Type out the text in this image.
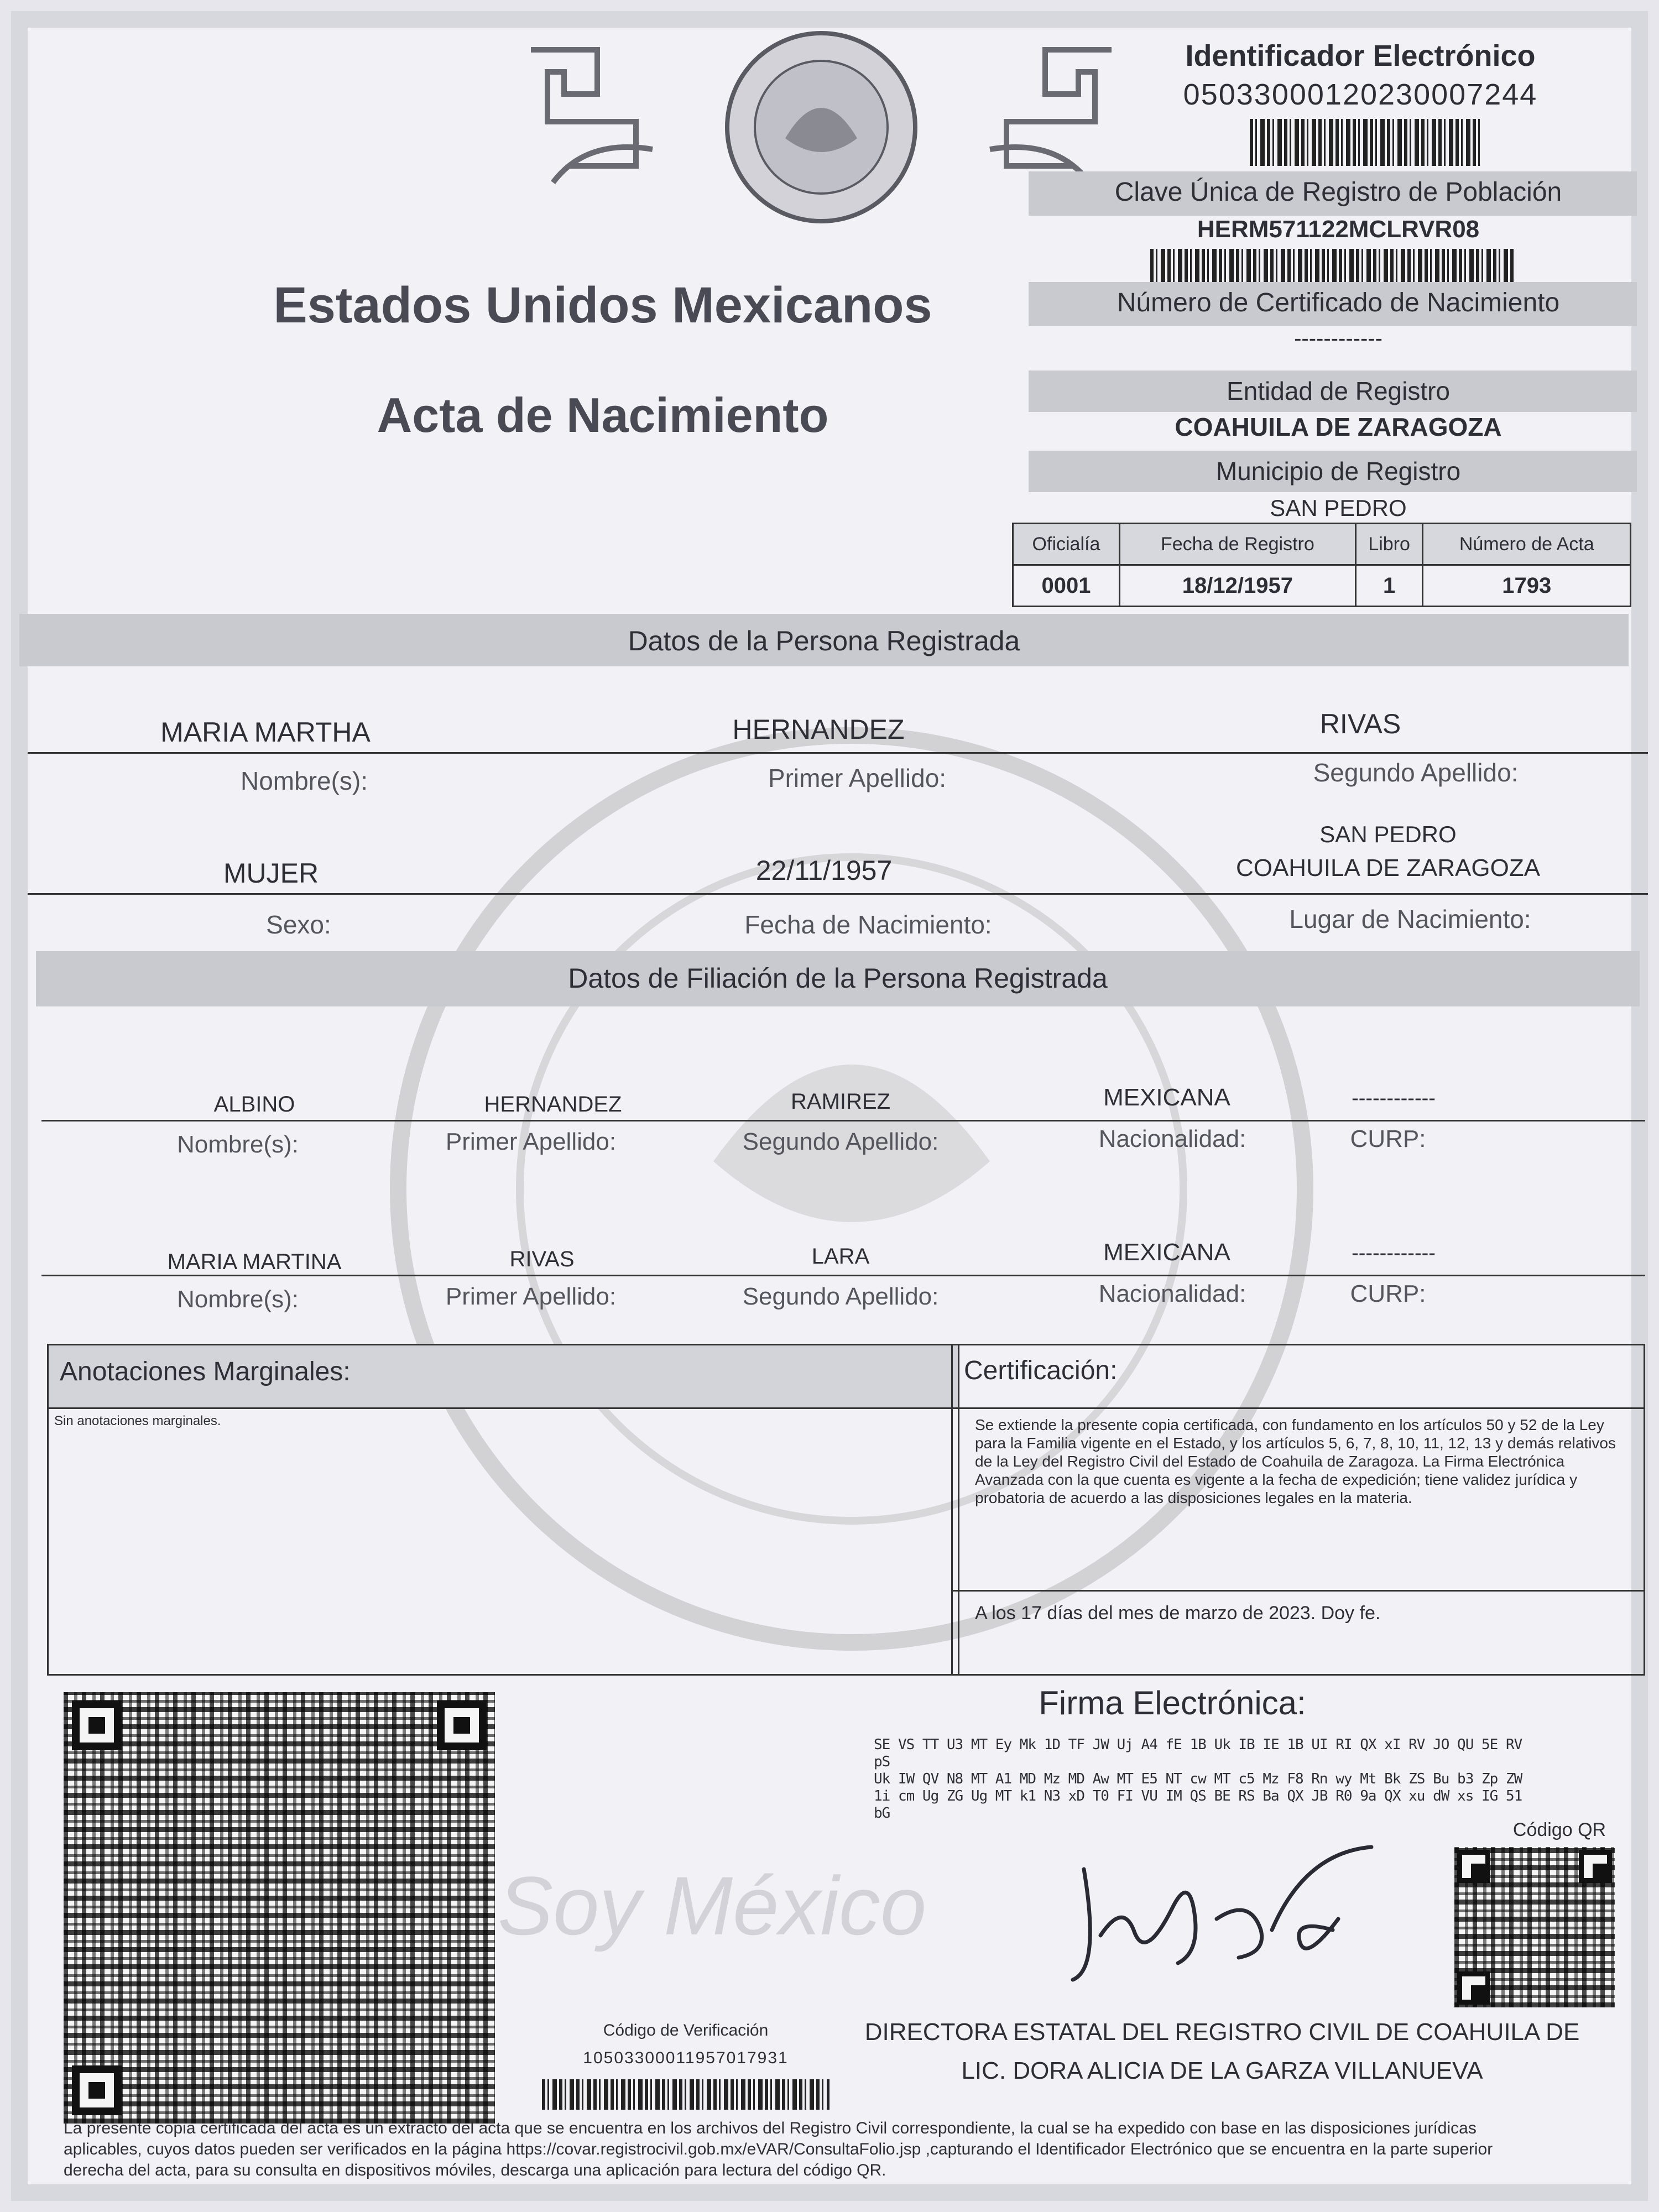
Identificador Electrónico
05033000120230007244
Clave Única de Registro de Población
HERM571122MCLRVR08
Número de Certificado de Nacimiento
------------
Entidad de Registro
COAHUILA DE ZARAGOZA
Municipio de Registro
SAN PEDRO
Estados Unidos Mexicanos
Acta de Nacimiento
Oficialía	Fecha de Registro	Libro	Número de Acta
0001	18/12/1957	1	1793
Datos de la Persona Registrada
MARIA MARTHA	HERNANDEZ	RIVAS
Nombre(s):	Primer Apellido:	Segundo Apellido:
MUJER	22/11/1957
SAN PEDRO
COAHUILA DE ZARAGOZA
Sexo:	Fecha de Nacimiento:	Lugar de Nacimiento:
Datos de Filiación de la Persona Registrada
ALBINO	HERNANDEZ	RAMIREZ	MEXICANA	------------
Nombre(s):	Primer Apellido:	Segundo Apellido:	Nacionalidad:	CURP:
MARIA MARTINA	RIVAS	LARA	MEXICANA	------------
Nombre(s):	Primer Apellido:	Segundo Apellido:	Nacionalidad:	CURP:
Anotaciones Marginales:
Sin anotaciones marginales.
Certificación:
Se extiende la presente copia certificada, con fundamento en los artículos 50 y 52 de la Ley para la Familia vigente en el Estado, y los artículos 5, 6, 7, 8, 10, 11, 12, 13 y demás relativos de la Ley del Registro Civil del Estado de Coahuila de Zaragoza. La Firma Electrónica Avanzada con la que cuenta es vigente a la fecha de expedición; tiene validez jurídica y probatoria de acuerdo a las disposiciones legales en la materia.
A los 17 días del mes de marzo de 2023. Doy fe.
Firma Electrónica:
SE VS TT U3 MT Ey Mk 1D TF JW Uj A4 fE 1B Uk IB IE 1B UI RI QX xI RV JO QU 5E RV pS
Uk IW QV N8 MT A1 MD Mz MD Aw MT E5 NT cw MT c5 Mz F8 Rn wy Mt Bk ZS Bu b3 Zp ZW
1i cm Ug ZG Ug MT k1 N3 xD T0 FI VU IM QS BE RS Ba QX JB R0 9a QX xu dW xs IG 51 bG
Soy México
Código QR
Código de Verificación
10503300011957017931
DIRECTORA ESTATAL DEL REGISTRO CIVIL DE COAHUILA DE
LIC. DORA ALICIA DE LA GARZA VILLANUEVA
La presente copia certificada del acta es un extracto del acta que se encuentra en los archivos del Registro Civil correspondiente, la cual se ha expedido con base en las disposiciones jurídicas
aplicables, cuyos datos pueden ser verificados en la página https://covar.registrocivil.gob.mx/eVAR/ConsultaFolio.jsp ,capturando el Identificador Electrónico que se encuentra en la parte superior
derecha del acta, para su consulta en dispositivos móviles, descarga una aplicación para lectura del código QR.
